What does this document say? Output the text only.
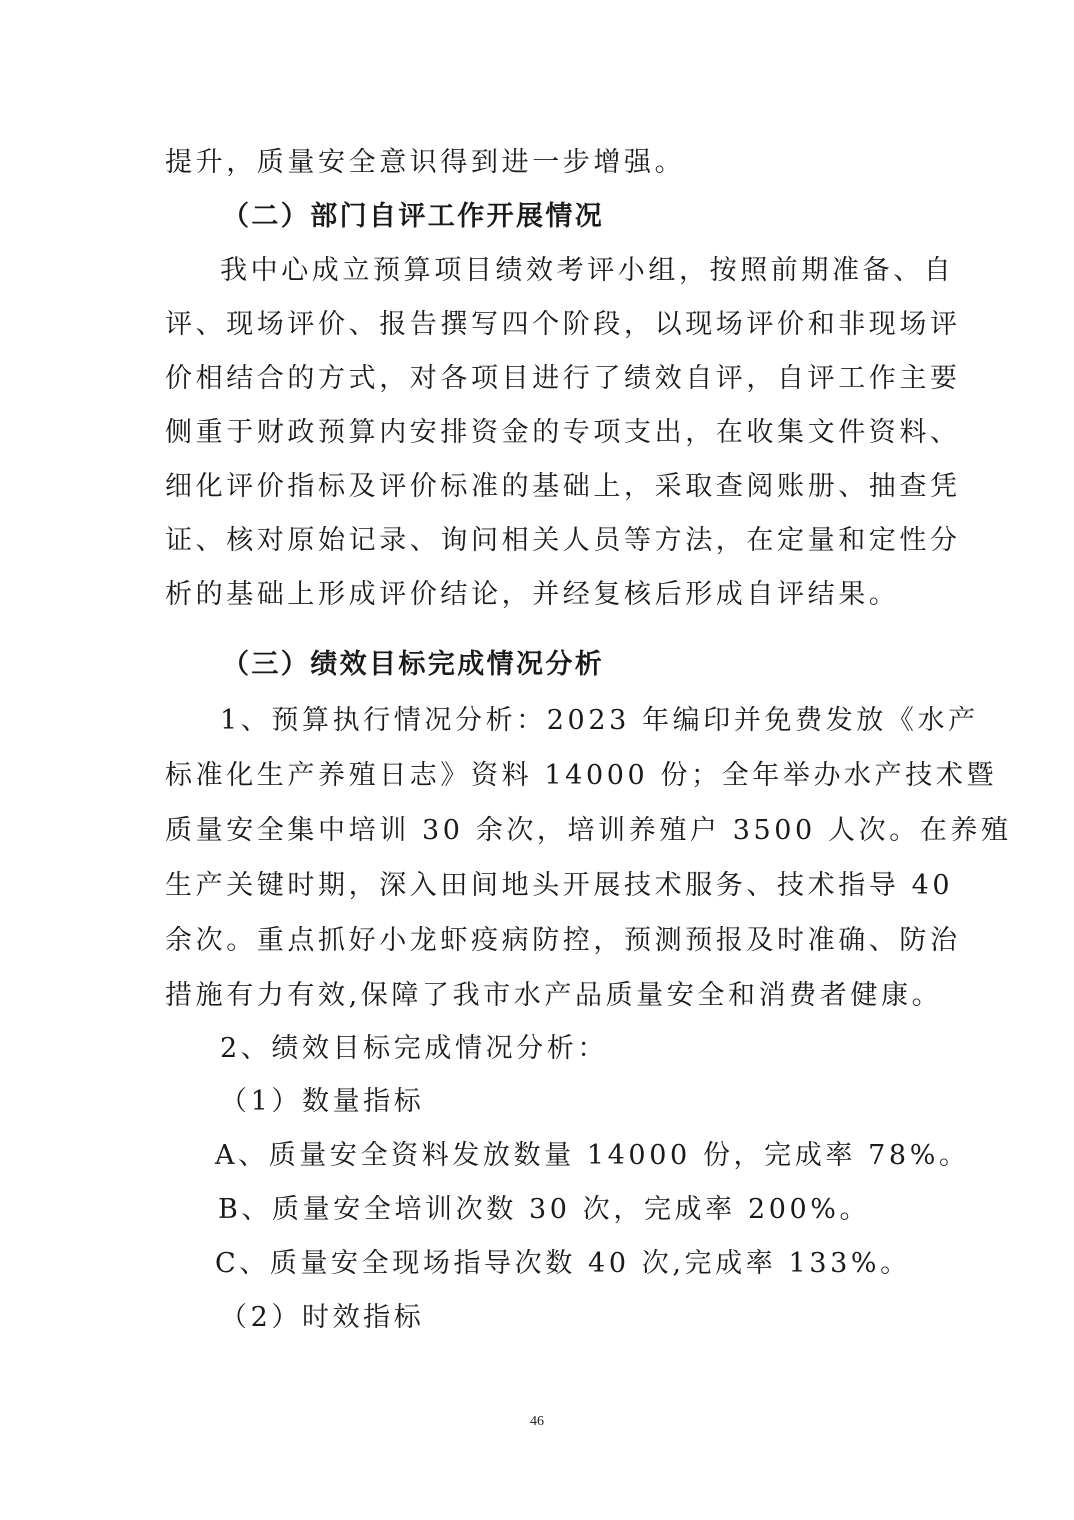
提升，质量安全意识得到进一步增强。
（二）部门自评工作开展情况
我中心成立预算项目绩效考评小组，按照前期准备、自
评、现场评价、报告撰写四个阶段，以现场评价和非现场评
价相结合的方式，对各项目进行了绩效自评，自评工作主要
侧重于财政预算内安排资金的专项支出，在收集文件资料、
细化评价指标及评价标准的基础上，采取查阅账册、抽查凭
证、核对原始记录、询问相关人员等方法，在定量和定性分
析的基础上形成评价结论，并经复核后形成自评结果。
（三）绩效目标完成情况分析
1、预算执行情况分析：2023 年编印并免费发放《水产
标准化生产养殖日志》资料 14000 份；全年举办水产技术暨
质量安全集中培训 30 余次，培训养殖户 3500 人次。在养殖
生产关键时期，深入田间地头开展技术服务、技术指导 40
余次。重点抓好小龙虾疫病防控，预测预报及时准确、防治
措施有力有效,保障了我市水产品质量安全和消费者健康。
2、绩效目标完成情况分析：
（1）数量指标
A、质量安全资料发放数量 14000 份，完成率 78%。
B、质量安全培训次数 30 次，完成率 200%。
C、质量安全现场指导次数 40 次,完成率 133%。
（2）时效指标
46
